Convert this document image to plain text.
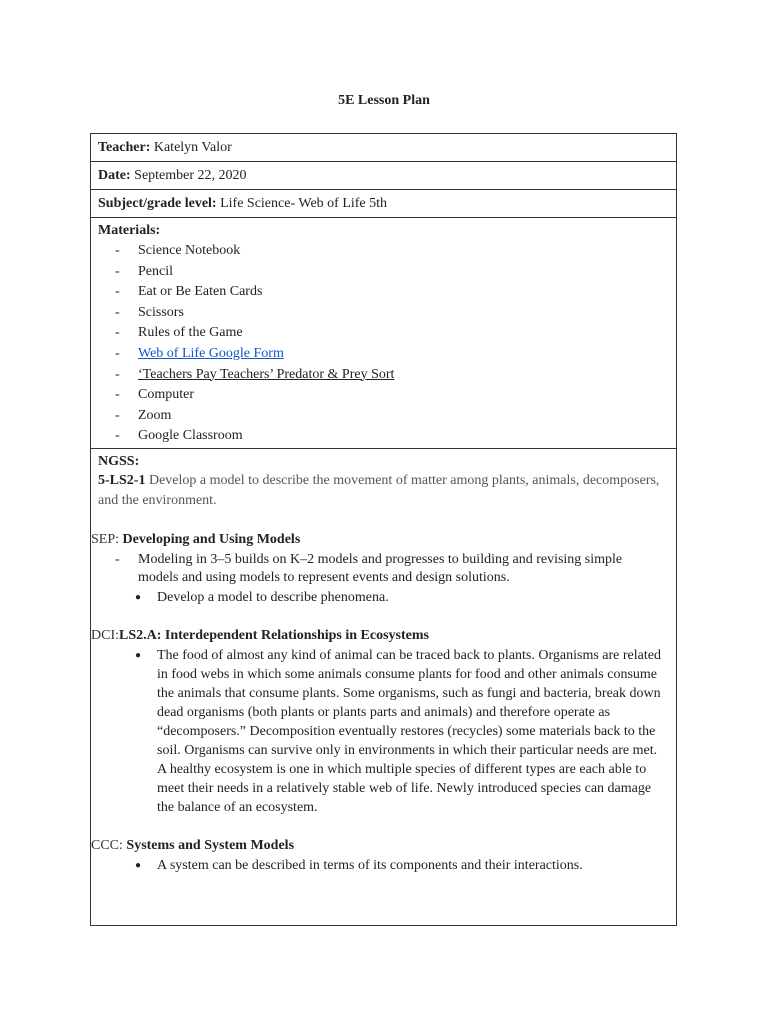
5E Lesson Plan
Teacher: Katelyn Valor
Date: September 22, 2020
Subject/grade level: Life Science- Web of Life 5th
Materials:
- Science Notebook
- Pencil
- Eat or Be Eaten Cards
- Scissors
- Rules of the Game
- Web of Life Google Form
- ‘Teachers Pay Teachers’ Predator & Prey Sort
- Computer
- Zoom
- Google Classroom
NGSS:
5-LS2-1 Develop a model to describe the movement of matter among plants, animals, decomposers, and the environment.
SEP: Developing and Using Models
- Modeling in 3–5 builds on K–2 models and progresses to building and revising simple models and using models to represent events and design solutions.
● Develop a model to describe phenomena.
DCI:LS2.A: Interdependent Relationships in Ecosystems
● The food of almost any kind of animal can be traced back to plants. Organisms are related in food webs in which some animals consume plants for food and other animals consume the animals that consume plants. Some organisms, such as fungi and bacteria, break down dead organisms (both plants or plants parts and animals) and therefore operate as “decomposers.” Decomposition eventually restores (recycles) some materials back to the soil. Organisms can survive only in environments in which their particular needs are met. A healthy ecosystem is one in which multiple species of different types are each able to meet their needs in a relatively stable web of life. Newly introduced species can damage the balance of an ecosystem.
CCC: Systems and System Models
● A system can be described in terms of its components and their interactions.
